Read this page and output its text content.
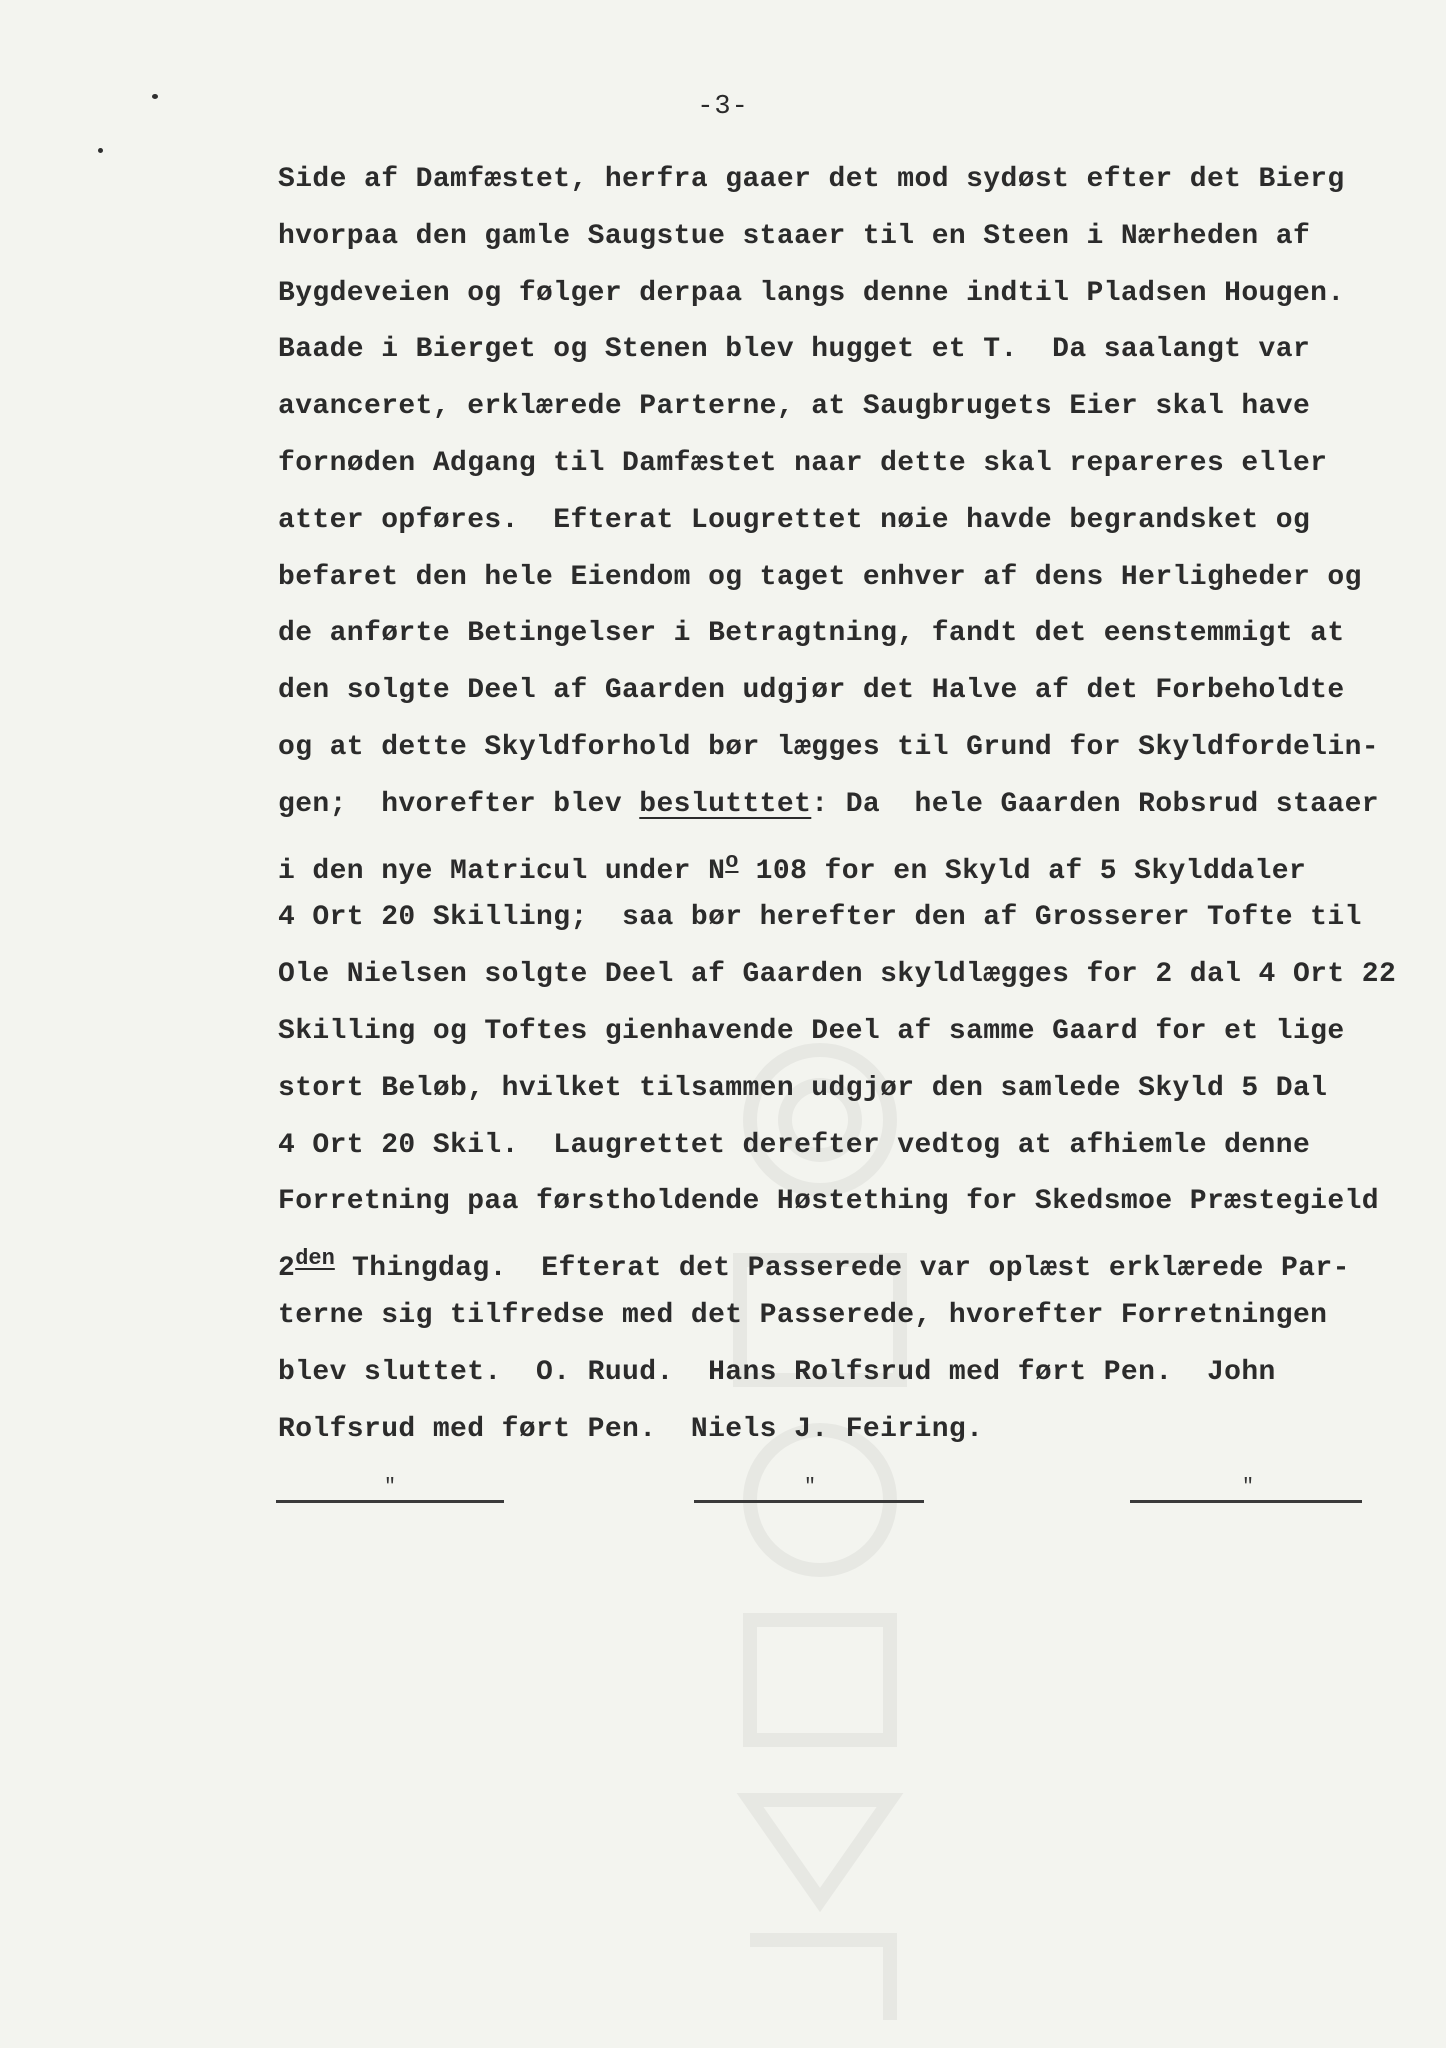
-3-
Side af Damfæstet, herfra gaaer det mod sydøst efter det Bierg
hvorpaa den gamle Saugstue staaer til en Steen i Nærheden af
Bygdeveien og følger derpaa langs denne indtil Pladsen Hougen.
Baade i Bierget og Stenen blev hugget et T.  Da saalangt var
avanceret, erklærede Parterne, at Saugbrugets Eier skal have
fornøden Adgang til Damfæstet naar dette skal repareres eller
atter opføres.  Efterat Lougrettet nøie havde begrandsket og
befaret den hele Eiendom og taget enhver af dens Herligheder og
de anførte Betingelser i Betragtning, fandt det eenstemmigt at
den solgte Deel af Gaarden udgjør det Halve af det Forbeholdte
og at dette Skyldforhold bør lægges til Grund for Skyldfordelin-
gen;  hvorefter blev beslutttet: Da  hele Gaarden Robsrud staaer
i den nye Matricul under $N^o$ 108 for en Skyld af 5 Skylddaler
4 Ort 20 Skilling;  saa bør herefter den af Grosserer Tofte til
Ole Nielsen solgte Deel af Gaarden skyldlægges for 2 dal 4 Ort 22
Skilling og Toftes gienhavende Deel af samme Gaard for et lige
stort Beløb, hvilket tilsammen udgjør den samlede Skyld 5 Dal
4 Ort 20 Skil.  Laugrettet derefter vedtog at afhiemle denne
Forretning paa førstholdende Høstething for Skedsmoe Præstegield
$2^{den}$ Thingdag.  Efterat det Passerede var oplæst erklærede Par-
terne sig tilfredse med det Passerede, hvorefter Forretningen
blev sluttet.  O. Ruud.  Hans Rolfsrud med ført Pen.  John
Rolfsrud med ført Pen.  Niels J. Feiring.
"	"	"
